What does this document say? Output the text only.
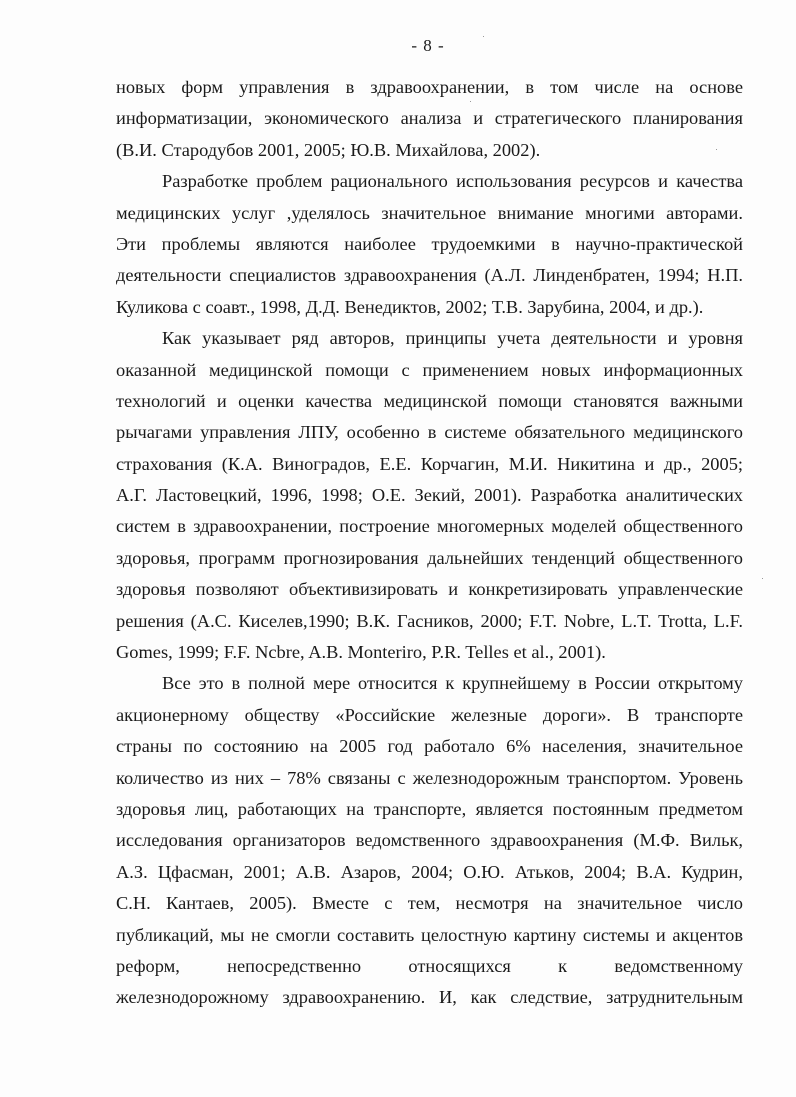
- 8 -
новых форм управления в здравоохранении, в том числе на основе
информатизации, экономического анализа и стратегического планирования
(В.И. Стародубов 2001, 2005; Ю.В. Михайлова, 2002).
Разработке проблем рационального использования ресурсов и качества
медицинских услуг ,уделялось значительное внимание многими авторами.
Эти проблемы являются наиболее трудоемкими в научно-практической
деятельности специалистов здравоохранения (А.Л. Линденбратен, 1994; Н.П.
Куликова с соавт., 1998, Д.Д. Венедиктов, 2002; Т.В. Зарубина, 2004, и др.).
Как указывает ряд авторов, принципы учета деятельности и уровня
оказанной медицинской помощи с применением новых информационных
технологий и оценки качества медицинской помощи становятся важными
рычагами управления ЛПУ, особенно в системе обязательного медицинского
страхования (К.А. Виноградов, Е.Е. Корчагин, М.И. Никитина и др., 2005;
А.Г. Ластовецкий, 1996, 1998; О.Е. Зекий, 2001). Разработка аналитических
систем в здравоохранении, построение многомерных моделей общественного
здоровья, программ прогнозирования дальнейших тенденций общественного
здоровья позволяют объективизировать и конкретизировать управленческие
решения (А.С. Киселев,1990; В.К. Гасников, 2000; F.T. Nobre, L.T. Trotta, L.F.
Gomes, 1999; F.F. Ncbre, A.B. Monteriro, P.R. Telles et al., 2001).
Все это в полной мере относится к крупнейшему в России открытому
акционерному обществу «Российские железные дороги». В транспорте
страны по состоянию на 2005 год работало 6% населения, значительное
количество из них – 78% связаны с железнодорожным транспортом. Уровень
здоровья лиц, работающих на транспорте, является постоянным предметом
исследования организаторов ведомственного здравоохранения (М.Ф. Вильк,
А.З. Цфасман, 2001; А.В. Азаров, 2004; О.Ю. Атьков, 2004; В.А. Кудрин,
С.Н. Кантаев, 2005). Вместе с тем, несмотря на значительное число
публикаций, мы не смогли составить целостную картину системы и акцентов
реформ, непосредственно относящихся к ведомственному
железнодорожному здравоохранению. И, как следствие, затруднительным
